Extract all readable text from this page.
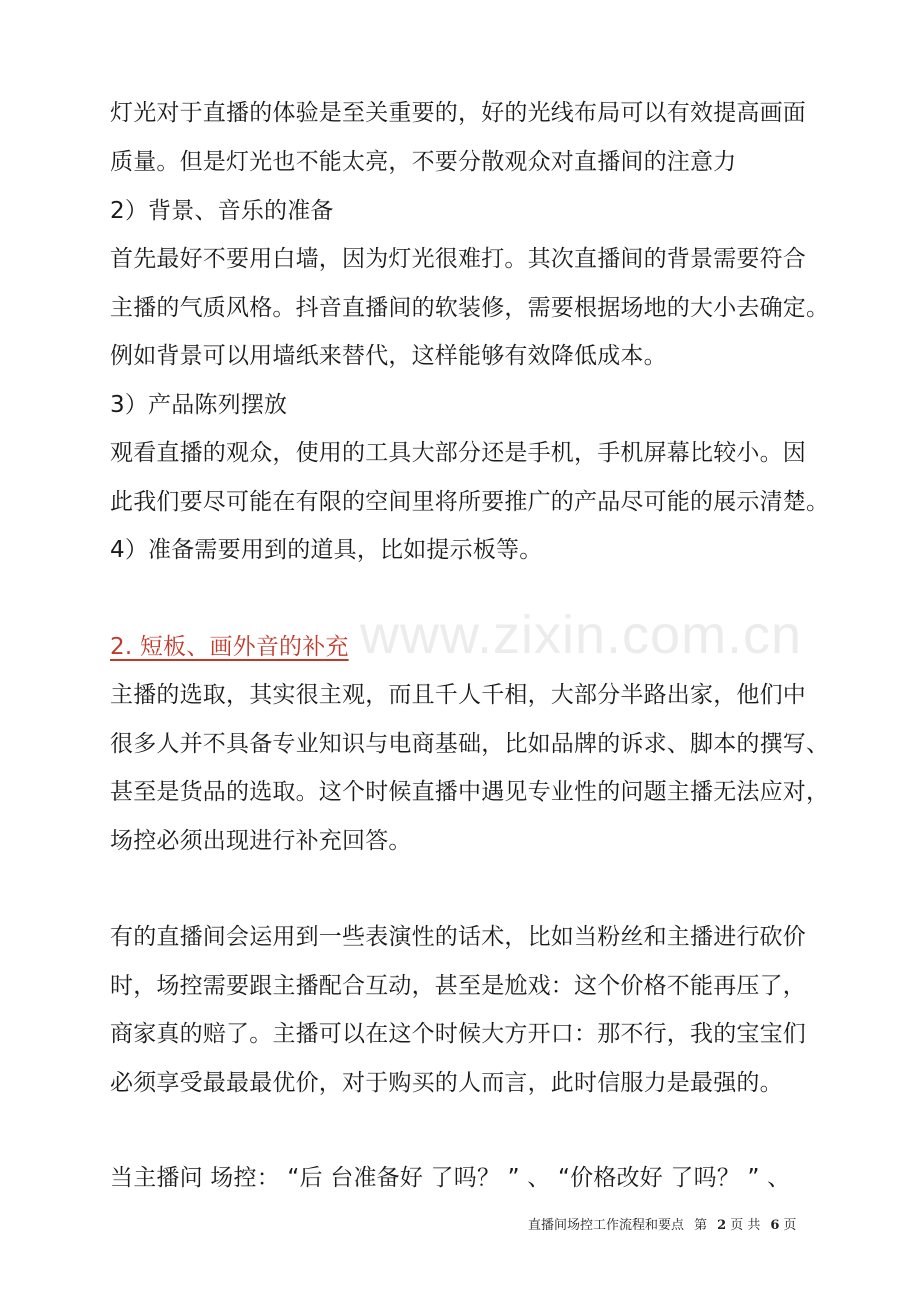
www.zixin.com.cn
灯光对于直播的体验是至关重要的，好的光线布局可以有效提高画面
质量。但是灯光也不能太亮，不要分散观众对直播间的注意力
2）背景、音乐的准备
首先最好不要用白墙，因为灯光很难打。其次直播间的背景需要符合
主播的气质风格。抖音直播间的软装修，需要根据场地的大小去确定。
例如背景可以用墙纸来替代，这样能够有效降低成本。
3）产品陈列摆放
观看直播的观众，使用的工具大部分还是手机，手机屏幕比较小。因
此我们要尽可能在有限的空间里将所要推广的产品尽可能的展示清楚。
4）准备需要用到的道具，比如提示板等。
2. 短板、画外音的补充
主播的选取，其实很主观，而且千人千相，大部分半路出家，他们中
很多人并不具备专业知识与电商基础，比如品牌的诉求、脚本的撰写、
甚至是货品的选取。这个时候直播中遇见专业性的问题主播无法应对，
场控必须出现进行补充回答。
有的直播间会运用到一些表演性的话术，比如当粉丝和主播进行砍价
时，场控需要跟主播配合互动，甚至是尬戏：这个价格不能再压了，
商家真的赔了。主播可以在这个时候大方开口：那不行，我的宝宝们
必须享受最最最优价，对于购买的人而言，此时信服力是最强的。
当主播问 场控： “后 台准备好 了吗？ ” 、 “价格改好 了吗？ ” 、
直播间场控工作流程和要点 第 2 页 共 6 页
